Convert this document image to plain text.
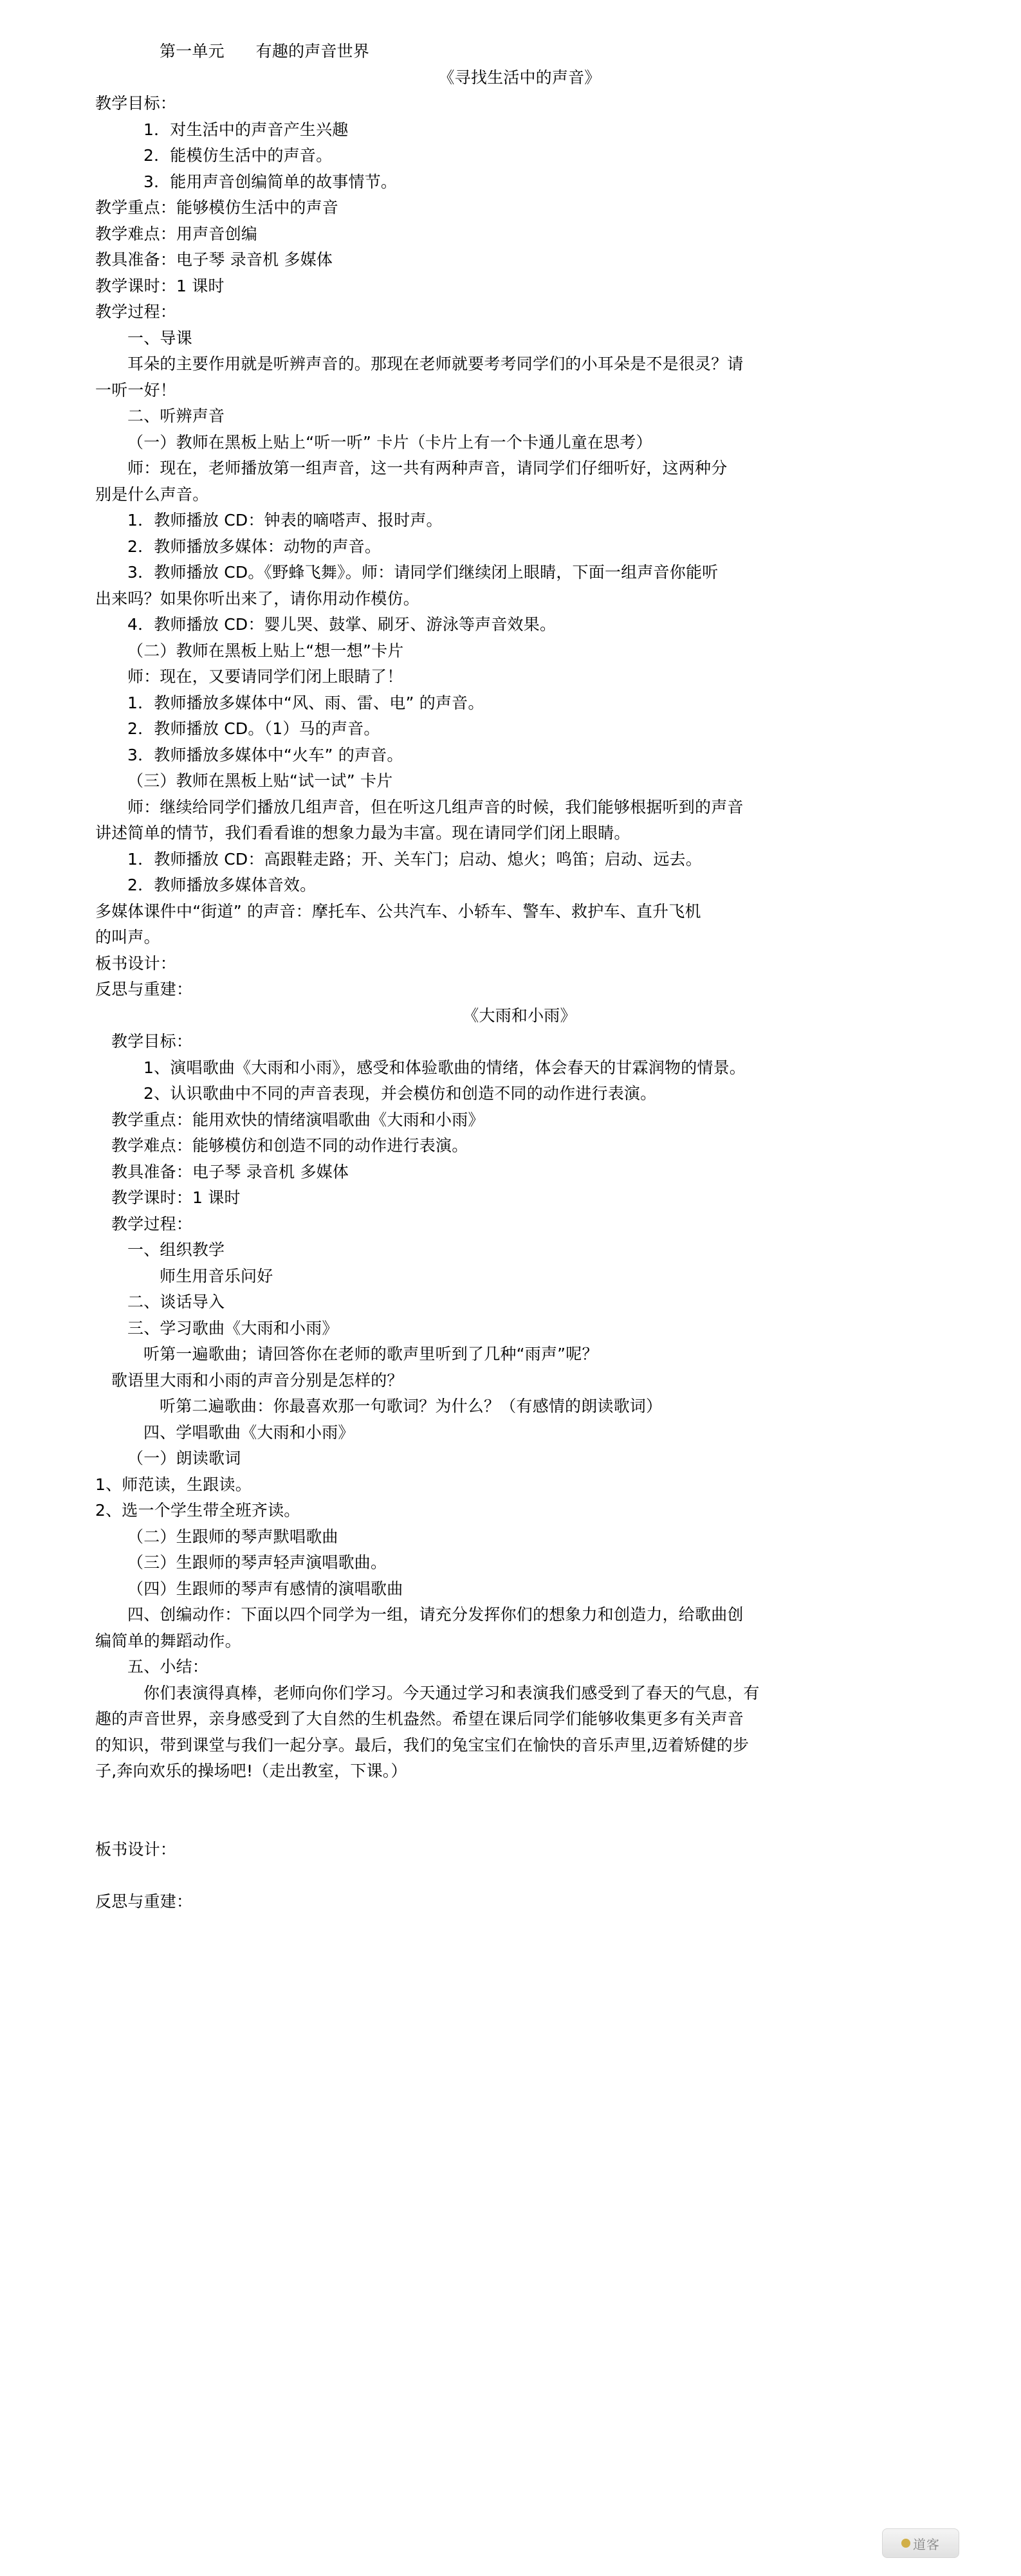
第一单元      有趣的声音世界

《寻找生活中的声音》

教学目标：

1．对生活中的声音产生兴趣

2．能模仿生活中的声音。

3．能用声音创编简单的故事情节。

教学重点：能够模仿生活中的声音

教学难点：用声音创编

教具准备：电子琴 录音机 多媒体

教学课时：1 课时

教学过程：

一、导课

耳朵的主要作用就是听辨声音的。那现在老师就要考考同学们的小耳朵是不是很灵？请

一听一好！

二、听辨声音

（一）教师在黑板上贴上“听一听” 卡片（卡片上有一个卡通儿童在思考）

师：现在，老师播放第一组声音，这一共有两种声音，请同学们仔细听好，这两种分

别是什么声音。

1．教师播放 CD：钟表的嘀嗒声、报时声。

2．教师播放多媒体：动物的声音。

3．教师播放 CD。《野蜂飞舞》。师：请同学们继续闭上眼睛，下面一组声音你能听

出来吗？如果你听出来了，请你用动作模仿。

4．教师播放 CD：婴儿哭、鼓掌、刷牙、游泳等声音效果。

（二）教师在黑板上贴上“想一想”卡片

师：现在，又要请同学们闭上眼睛了！

1．教师播放多媒体中“风、雨、雷、电” 的声音。

2．教师播放 CD。（1）马的声音。

3．教师播放多媒体中“火车” 的声音。

（三）教师在黑板上贴“试一试” 卡片

师：继续给同学们播放几组声音，但在听这几组声音的时候，我们能够根据听到的声音

讲述简单的情节，我们看看谁的想象力最为丰富。现在请同学们闭上眼睛。

1．教师播放 CD：高跟鞋走路；开、关车门；启动、熄火；鸣笛；启动、远去。

2．教师播放多媒体音效。

多媒体课件中“街道” 的声音：摩托车、公共汽车、小轿车、警车、救护车、直升飞机

的叫声。

板书设计：

反思与重建：

《大雨和小雨》

教学目标：

1、演唱歌曲《大雨和小雨》，感受和体验歌曲的情绪，体会春天的甘霖润物的情景。

2、认识歌曲中不同的声音表现，并会模仿和创造不同的动作进行表演。

教学重点：能用欢快的情绪演唱歌曲《大雨和小雨》

教学难点：能够模仿和创造不同的动作进行表演。

教具准备：电子琴 录音机 多媒体

教学课时：1 课时

教学过程：

一、组织教学

师生用音乐问好

二、谈话导入

三、学习歌曲《大雨和小雨》

听第一遍歌曲；请回答你在老师的歌声里听到了几种“雨声”呢？

歌语里大雨和小雨的声音分别是怎样的？

听第二遍歌曲：你最喜欢那一句歌词？为什么？（有感情的朗读歌词）

四、学唱歌曲《大雨和小雨》

（一）朗读歌词

1、师范读，生跟读。

2、选一个学生带全班齐读。

（二）生跟师的琴声默唱歌曲

（三）生跟师的琴声轻声演唱歌曲。

（四）生跟师的琴声有感情的演唱歌曲

四、创编动作：下面以四个同学为一组，请充分发挥你们的想象力和创造力，给歌曲创

编简单的舞蹈动作。

五、小结：

你们表演得真棒，老师向你们学习。今天通过学习和表演我们感受到了春天的气息，有

趣的声音世界，亲身感受到了大自然的生机盎然。希望在课后同学们能够收集更多有关声音

的知识，带到课堂与我们一起分享。最后，我们的兔宝宝们在愉快的音乐声里,迈着矫健的步

子,奔向欢乐的操场吧!（走出教室，下课。）

板书设计：

反思与重建：

道客
